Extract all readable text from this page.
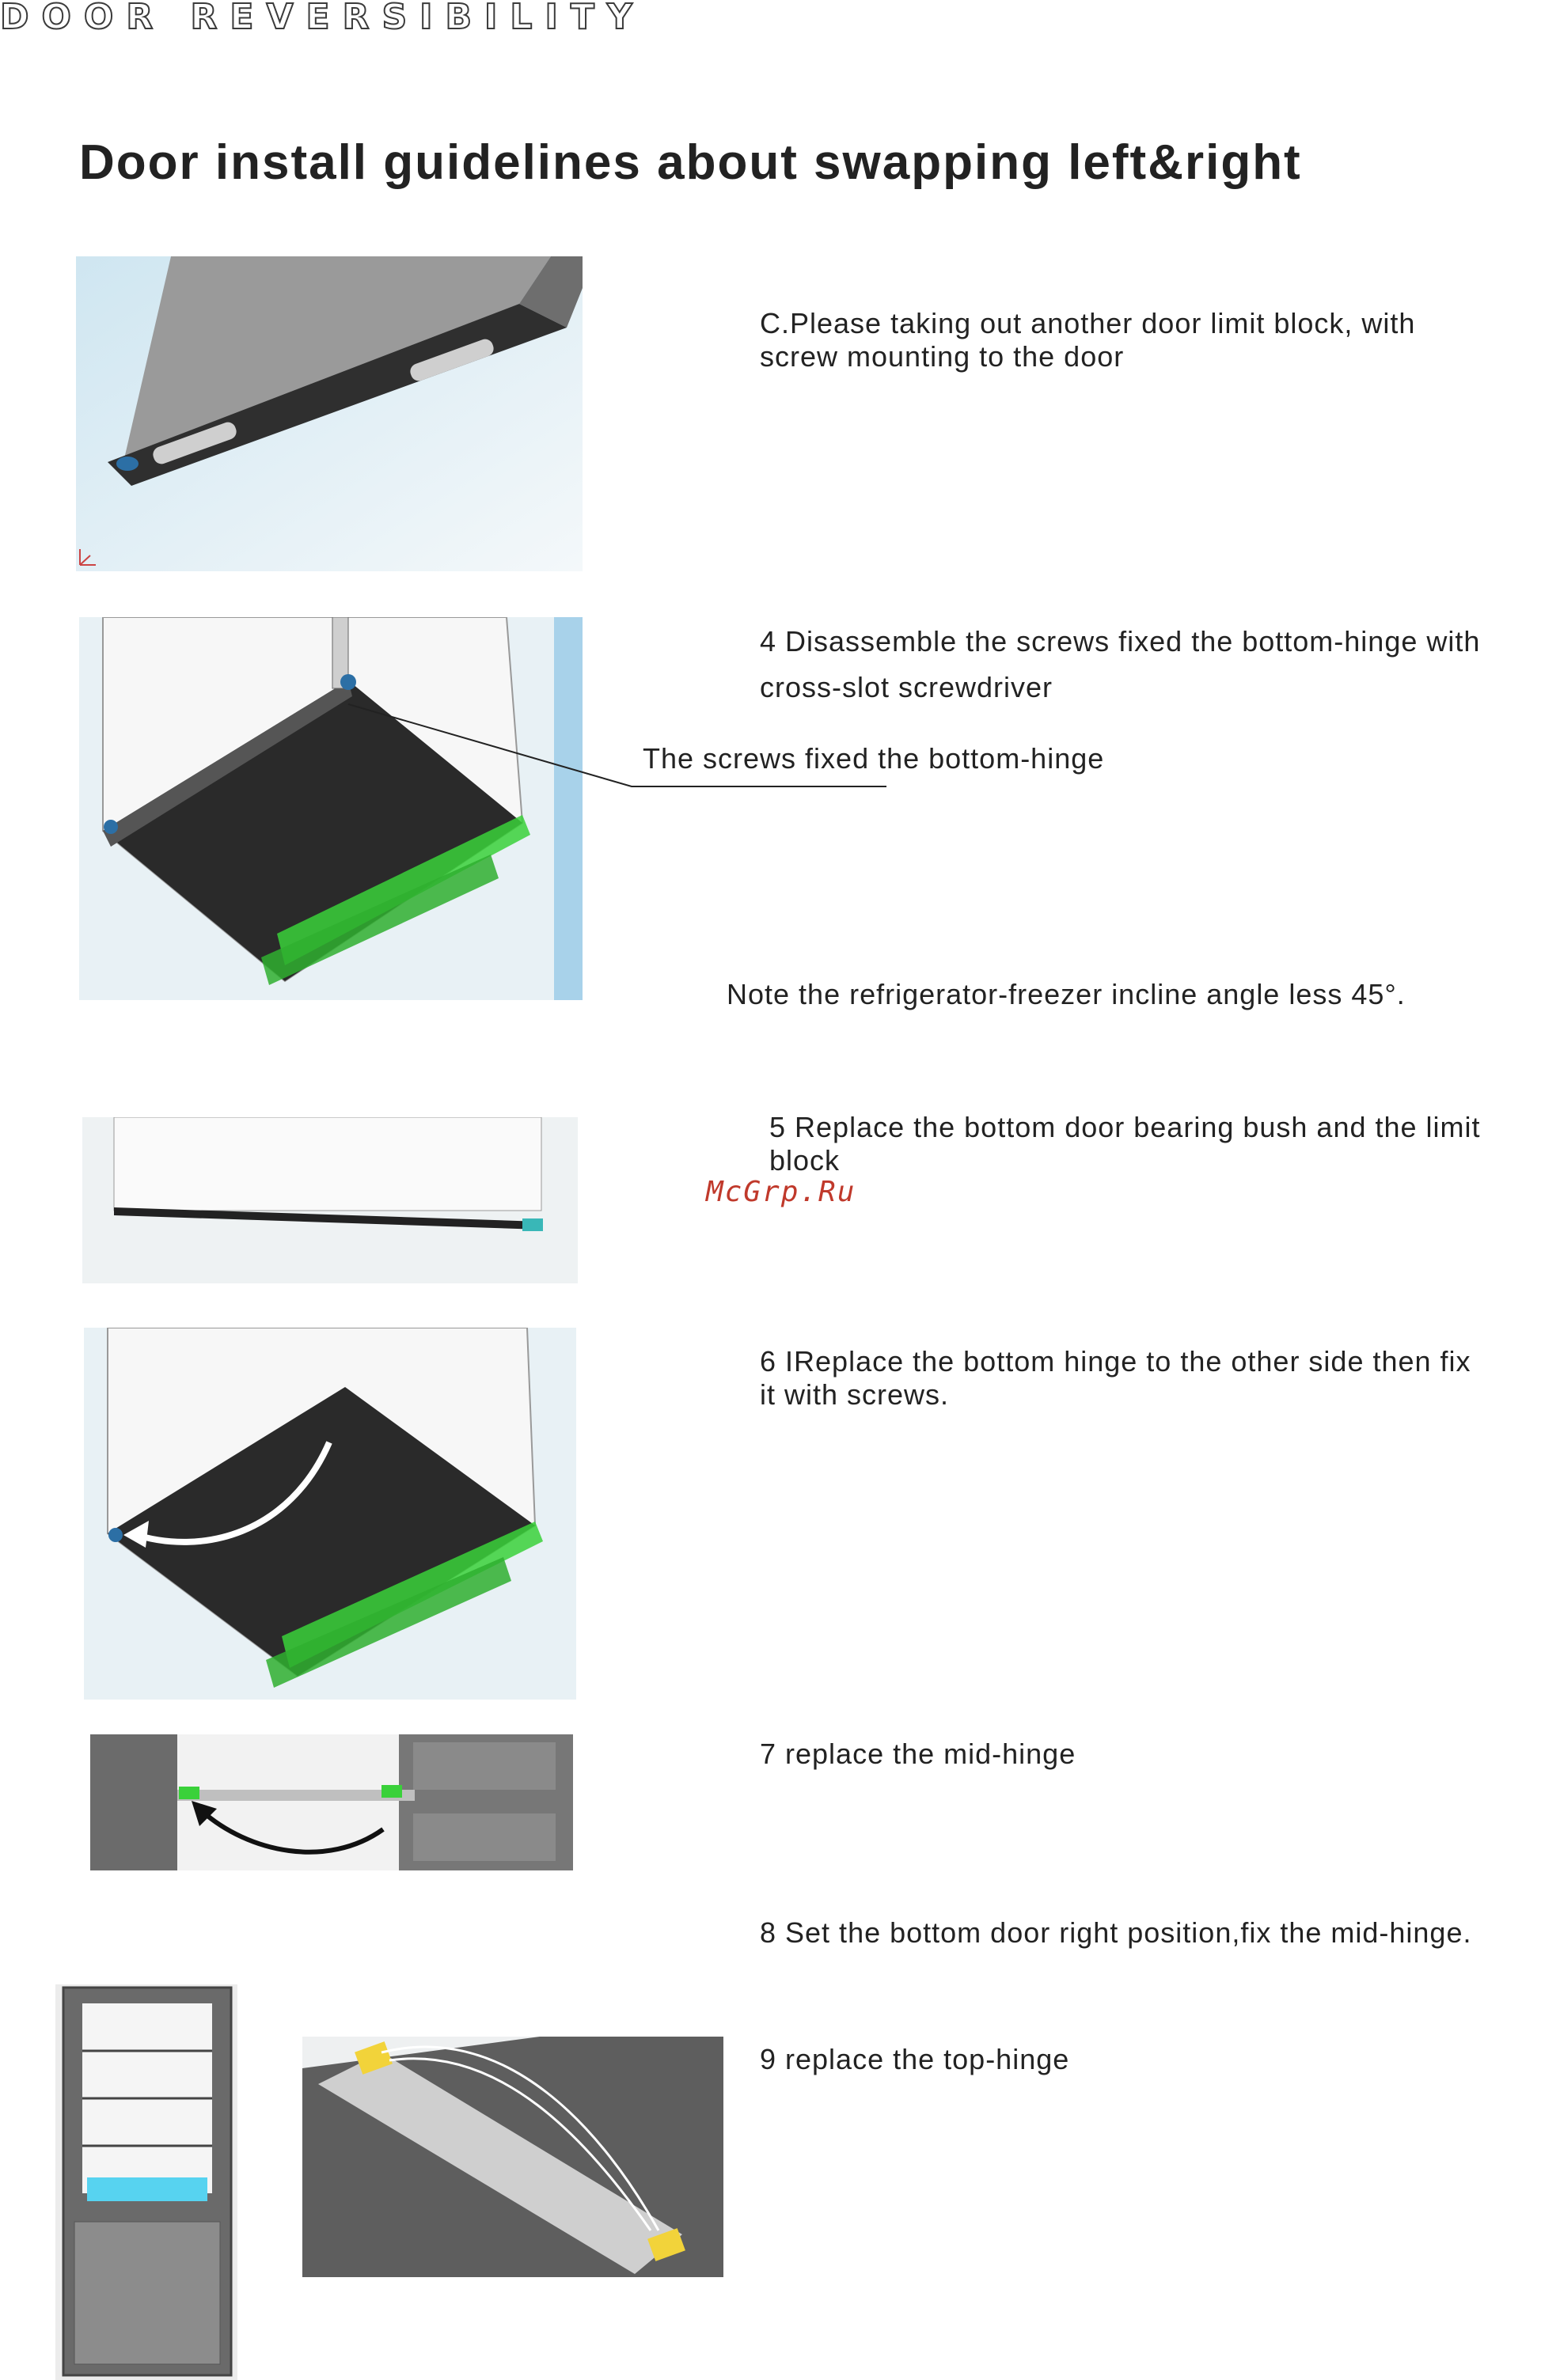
DOOR REVERSIBILITY
Door install guidelines about swapping left&right
C.Please taking out another door limit block, with
screw mounting to the door
4 Disassemble the screws fixed the bottom-hinge with
cross-slot screwdriver
The screws fixed the bottom-hinge
Note the refrigerator-freezer incline angle less 45°.
5 Replace the bottom door bearing bush and the limit
block
McGrp.Ru
6 IReplace the bottom hinge to the other side then fix
it with screws.
7 replace the mid-hinge
8 Set the bottom door right position,fix the mid-hinge.
9 replace the top-hinge
